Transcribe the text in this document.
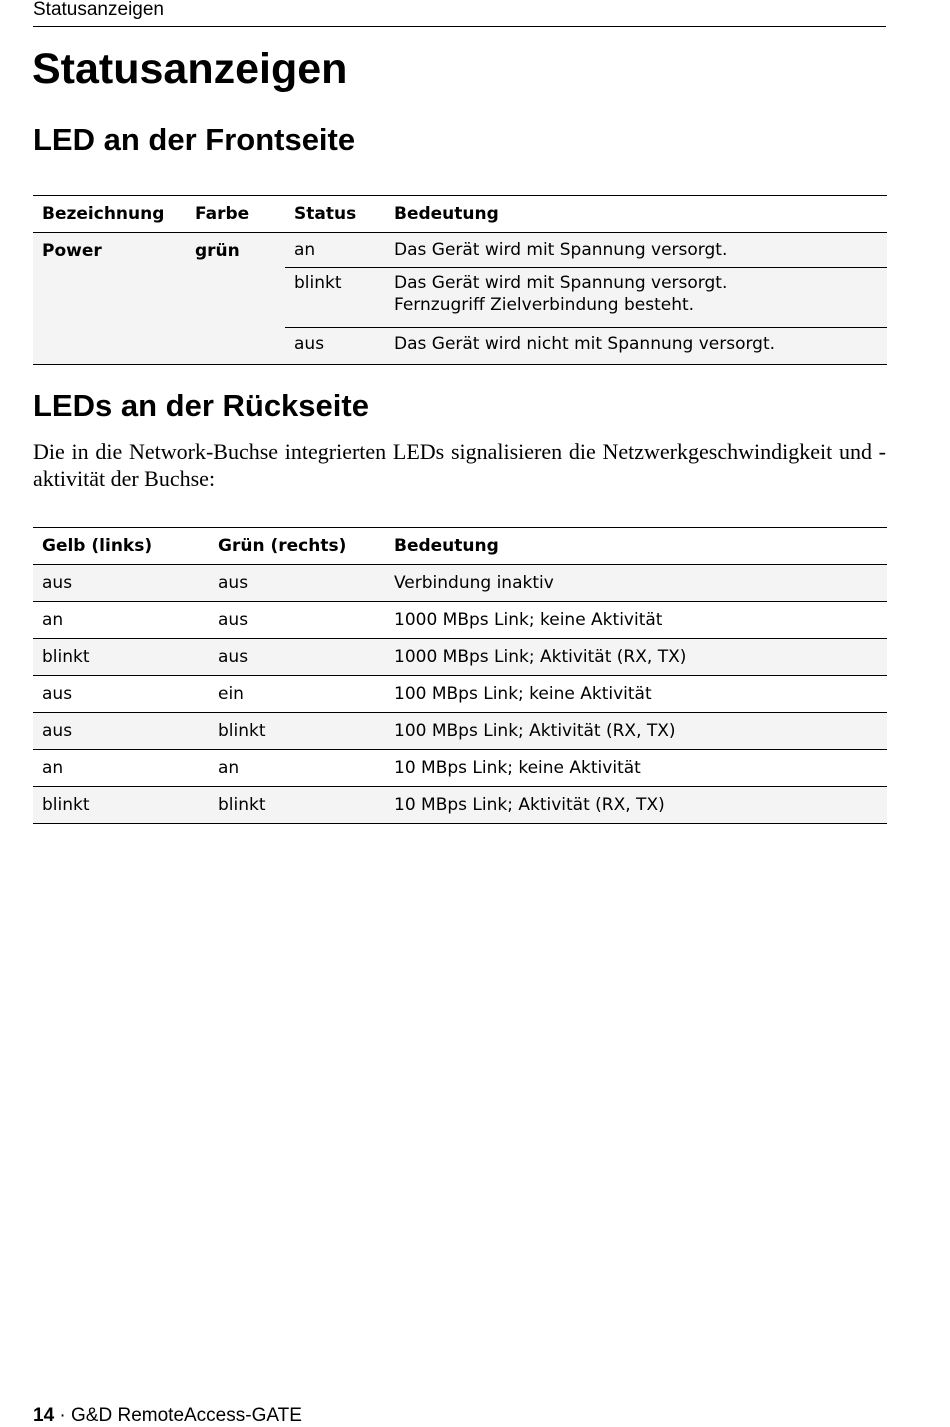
Statusanzeigen
Statusanzeigen
LED an der Frontseite
Bezeichnung	Farbe	Status	Bedeutung
Power	grün	an	Das Gerät wird mit Spannung versorgt.
blinkt	Das Gerät wird mit Spannung versorgt.
Fernzugriff Zielverbindung besteht.
aus	Das Gerät wird nicht mit Spannung versorgt.
LEDs an der Rückseite

Die in die Network-Buchse integrierten LEDs signalisieren die Netzwerkgeschwindigkeit und -aktivität der Buchse:

Gelb (links)	Grün (rechts)	Bedeutung
aus	aus	Verbindung inaktiv
an	aus	1000 MBps Link; keine Aktivität
blinkt	aus	1000 MBps Link; Aktivität (RX, TX)
aus	ein	100 MBps Link; keine Aktivität
aus	blinkt	100 MBps Link; Aktivität (RX, TX)
an	an	10 MBps Link; keine Aktivität
blinkt	blinkt	10 MBps Link; Aktivität (RX, TX)
14 · G&D RemoteAccess-GATE
